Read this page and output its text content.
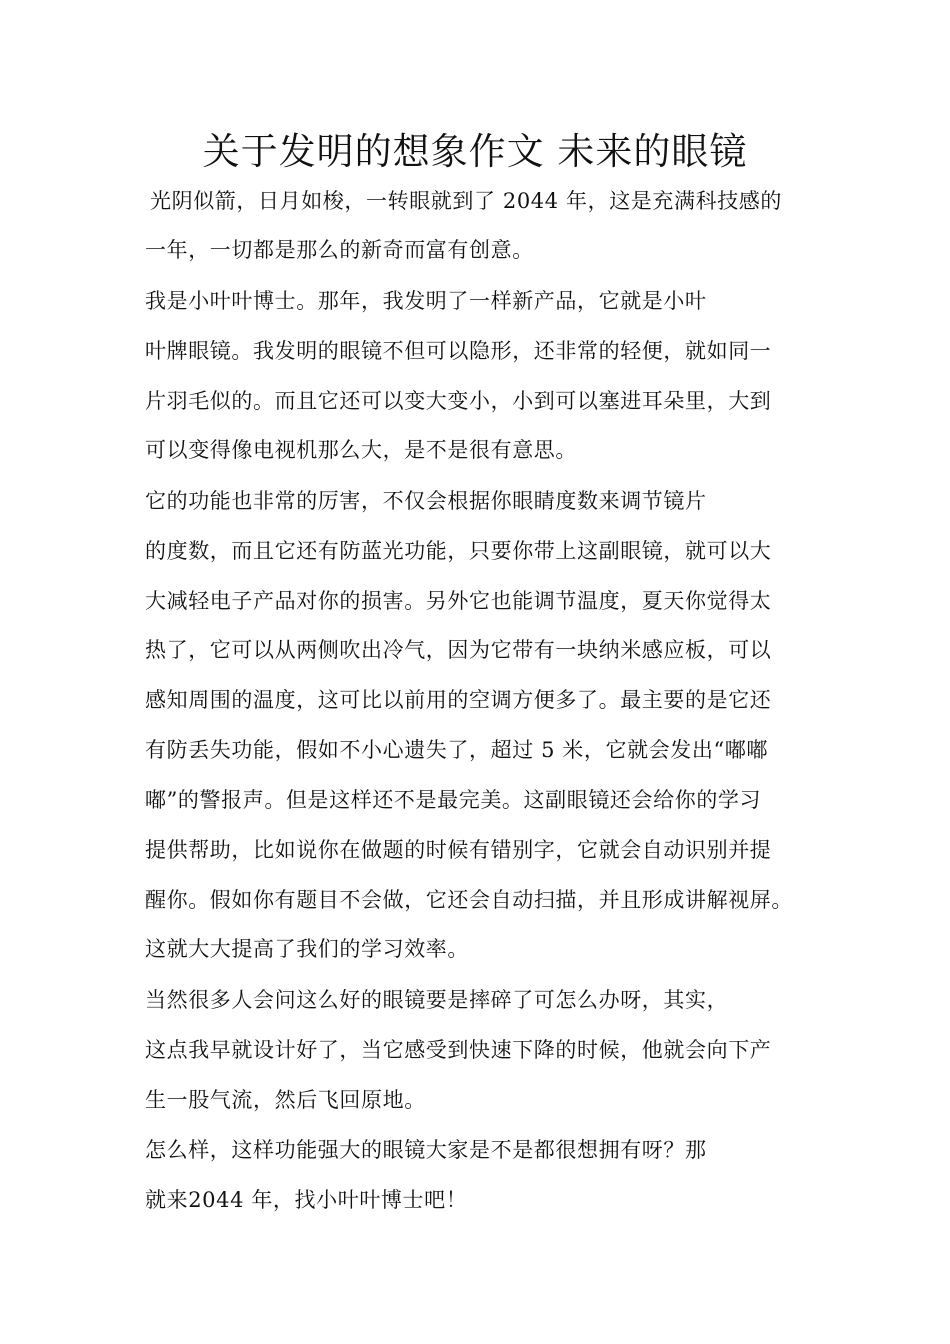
关于发明的想象作文 未来的眼镜
光阴似箭，日月如梭，一转眼就到了 2044 年，这是充满科技感的
一年，一切都是那么的新奇而富有创意。
我是小叶叶博士。那年，我发明了一样新产品，它就是小叶
叶牌眼镜。我发明的眼镜不但可以隐形，还非常的轻便，就如同一
片羽毛似的。而且它还可以变大变小，小到可以塞进耳朵里，大到
可以变得像电视机那么大，是不是很有意思。
它的功能也非常的厉害，不仅会根据你眼睛度数来调节镜片
的度数，而且它还有防蓝光功能，只要你带上这副眼镜，就可以大
大减轻电子产品对你的损害。另外它也能调节温度，夏天你觉得太
热了，它可以从两侧吹出冷气，因为它带有一块纳米感应板，可以
感知周围的温度，这可比以前用的空调方便多了。最主要的是它还
有防丢失功能，假如不小心遗失了，超过 5 米，它就会发出“嘟嘟
嘟”的警报声。但是这样还不是最完美。这副眼镜还会给你的学习
提供帮助，比如说你在做题的时候有错别字，它就会自动识别并提
醒你。假如你有题目不会做，它还会自动扫描，并且形成讲解视屏。
这就大大提高了我们的学习效率。
当然很多人会问这么好的眼镜要是摔碎了可怎么办呀，其实，
这点我早就设计好了，当它感受到快速下降的时候，他就会向下产
生一股气流，然后飞回原地。
怎么样，这样功能强大的眼镜大家是不是都很想拥有呀？那
就来2044 年，找小叶叶博士吧！
